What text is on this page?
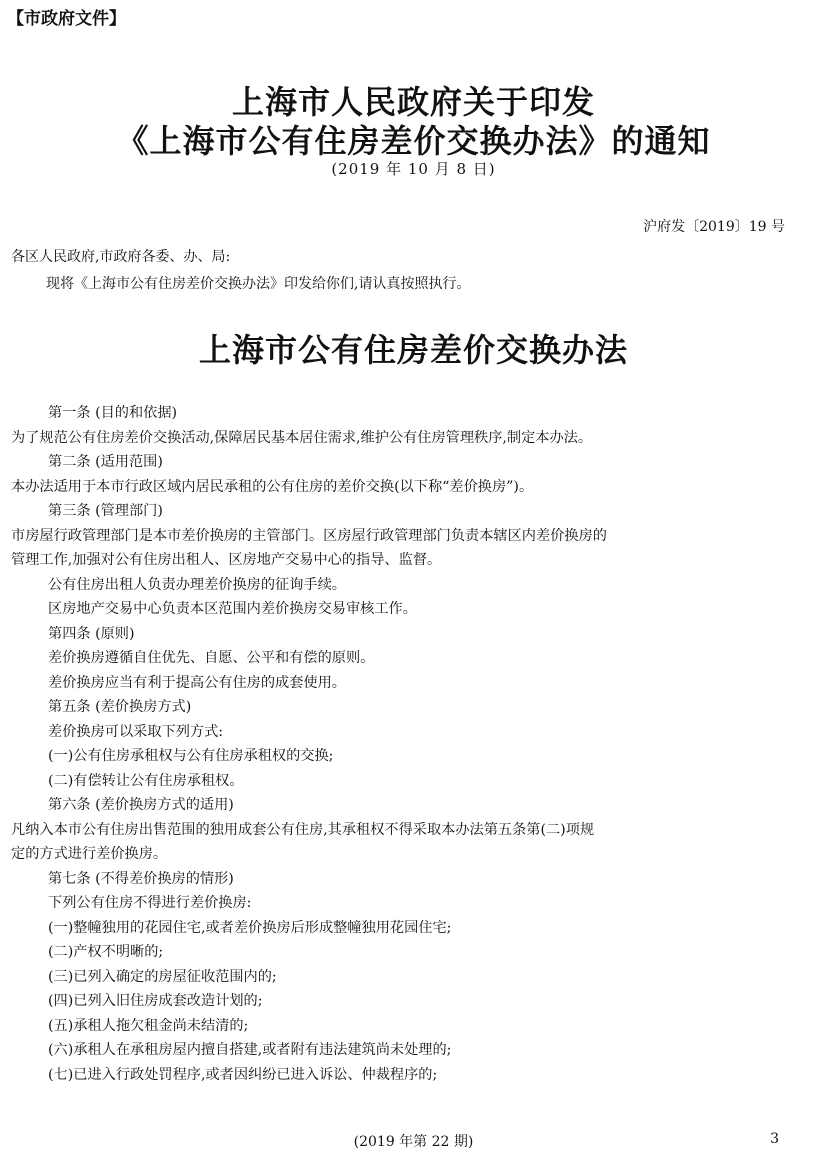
【市政府文件】
上海市人民政府关于印发
《上海市公有住房差价交换办法》的通知
(2019 年 10 月 8 日)
沪府发〔2019〕19 号
各区人民政府,市政府各委、办、局:
现将《上海市公有住房差价交换办法》印发给你们,请认真按照执行。
上海市公有住房差价交换办法

第一条 (目的和依据)

为了规范公有住房差价交换活动,保障居民基本居住需求,维护公有住房管理秩序,制定本办法。

第二条 (适用范围)

本办法适用于本市行政区域内居民承租的公有住房的差价交换(以下称“差价换房”)。

第三条 (管理部门)

市房屋行政管理部门是本市差价换房的主管部门。区房屋行政管理部门负责本辖区内差价换房的

管理工作,加强对公有住房出租人、区房地产交易中心的指导、监督。

公有住房出租人负责办理差价换房的征询手续。

区房地产交易中心负责本区范围内差价换房交易审核工作。

第四条 (原则)

差价换房遵循自住优先、自愿、公平和有偿的原则。

差价换房应当有利于提高公有住房的成套使用。

第五条 (差价换房方式)

差价换房可以采取下列方式:

(一)公有住房承租权与公有住房承租权的交换;

(二)有偿转让公有住房承租权。

第六条 (差价换房方式的适用)

凡纳入本市公有住房出售范围的独用成套公有住房,其承租权不得采取本办法第五条第(二)项规

定的方式进行差价换房。

第七条 (不得差价换房的情形)

下列公有住房不得进行差价换房:

(一)整幢独用的花园住宅,或者差价换房后形成整幢独用花园住宅;

(二)产权不明晰的;

(三)已列入确定的房屋征收范围内的;

(四)已列入旧住房成套改造计划的;

(五)承租人拖欠租金尚未结清的;

(六)承租人在承租房屋内擅自搭建,或者附有违法建筑尚未处理的;

(七)已进入行政处罚程序,或者因纠纷已进入诉讼、仲裁程序的;

(2019 年第 22 期)	3
